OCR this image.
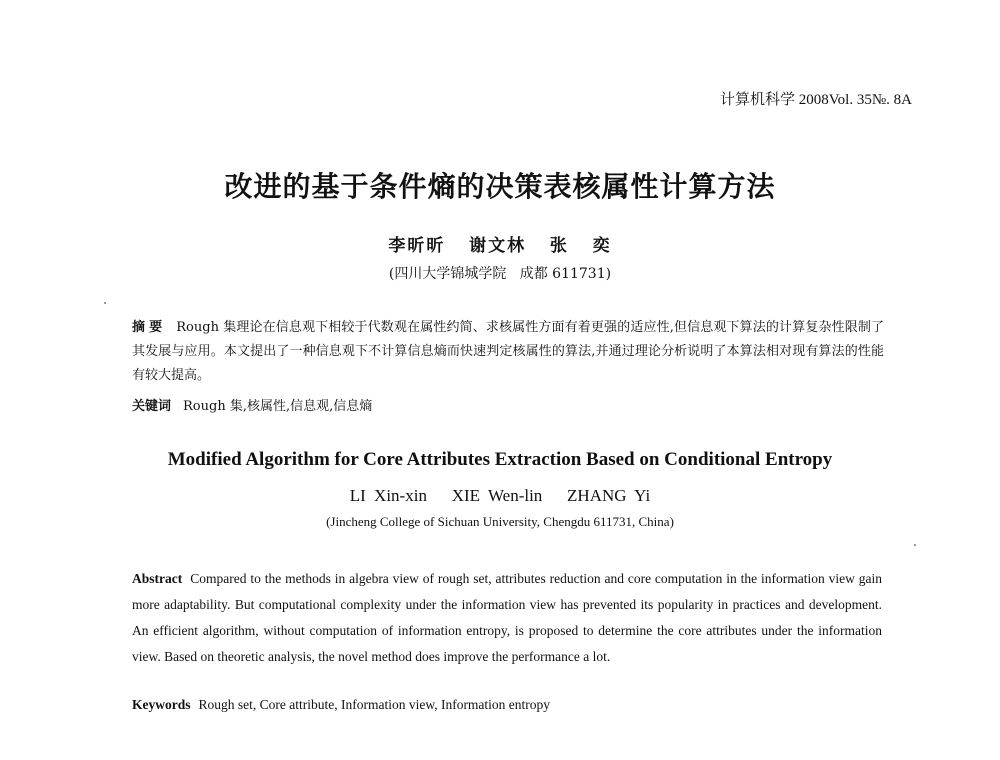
计算机科学 2008Vol. 35№. 8A
改进的基于条件熵的决策表核属性计算方法
李昕昕   谢文林   张   奕
(四川大学锦城学院   成都 611731)
摘要 Rough 集理论在信息观下相较于代数观在属性约简、求核属性方面有着更强的适应性,但信息观下算法的计算复杂性限制了其发展与应用。本文提出了一种信息观下不计算信息熵而快速判定核属性的算法,并通过理论分析说明了本算法相对现有算法的性能有较大提高。
关键词 Rough 集,核属性,信息观,信息熵
Modified Algorithm for Core Attributes Extraction Based on Conditional Entropy
LI Xin-xin   XIE Wen-lin   ZHANG Yi
(Jincheng College of Sichuan University, Chengdu 611731, China)
Abstract Compared to the methods in algebra view of rough set, attributes reduction and core computation in the information view gain more adaptability. But computational complexity under the information view has prevented its popularity in practices and development. An efficient algorithm, without computation of information entropy, is proposed to determine the core attributes under the information view. Based on theoretic analysis, the novel method does improve the performance a lot.
Keywords Rough set, Core attribute, Information view, Information entropy
